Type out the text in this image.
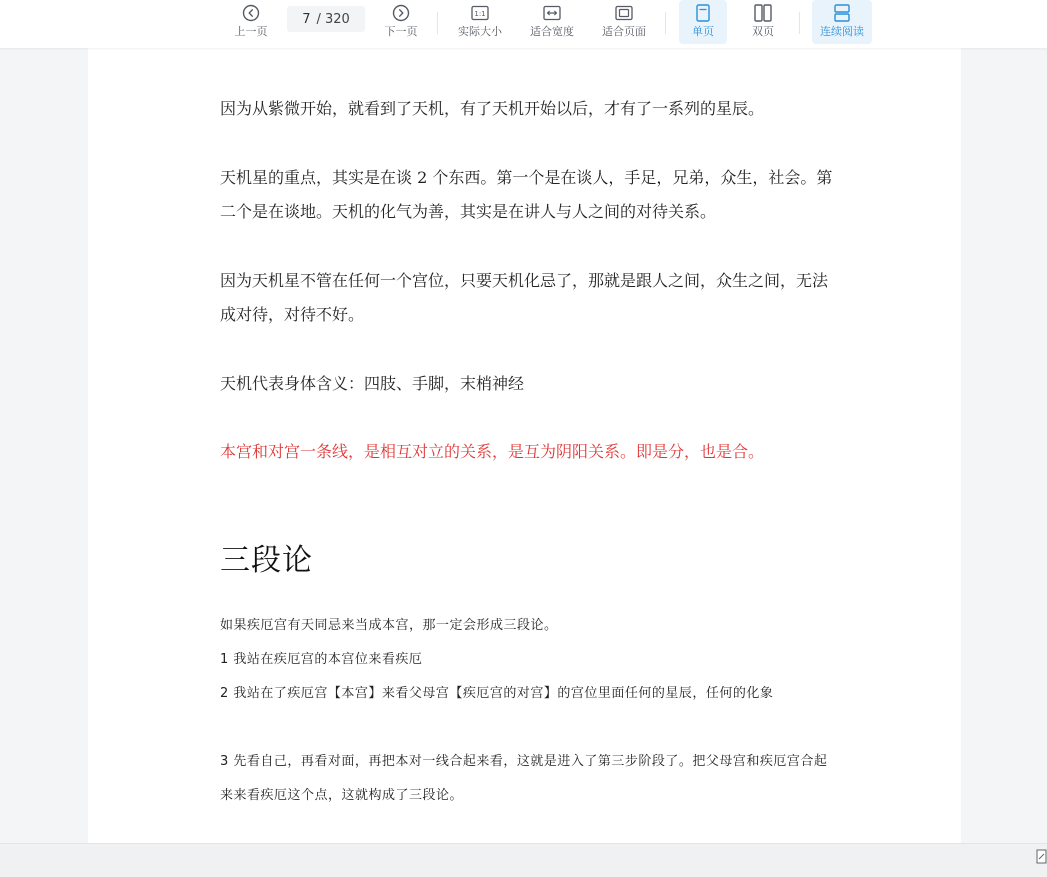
上一页
7 / 320
下一页
1:1
实际大小	适合宽度	适合页面	单页	双页	连续阅读

因为从紫微开始，就看到了天机，有了天机开始以后，才有了一系列的星辰。

天机星的重点，其实是在谈 2 个东西。第一个是在谈人，手足，兄弟，众生，社会。第二个是在谈地。天机的化气为善，其实是在讲人与人之间的对待关系。

因为天机星不管在任何一个宫位，只要天机化忌了，那就是跟人之间，众生之间，无法成对待，对待不好。

天机代表身体含义：四肢、手脚，末梢神经

本宫和对宫一条线，是相互对立的关系，是互为阴阳关系。即是分，也是合。

三段论

如果疾厄宫有天同忌来当成本宫，那一定会形成三段论。

1 我站在疾厄宫的本宫位来看疾厄

2 我站在了疾厄宫【本宫】来看父母宫【疾厄宫的对宫】的宫位里面任何的星辰，任何的化象

3 先看自己，再看对面，再把本对一线合起来看，这就是进入了第三步阶段了。把父母宫和疾厄宫合起来来看疾厄这个点，这就构成了三段论。
